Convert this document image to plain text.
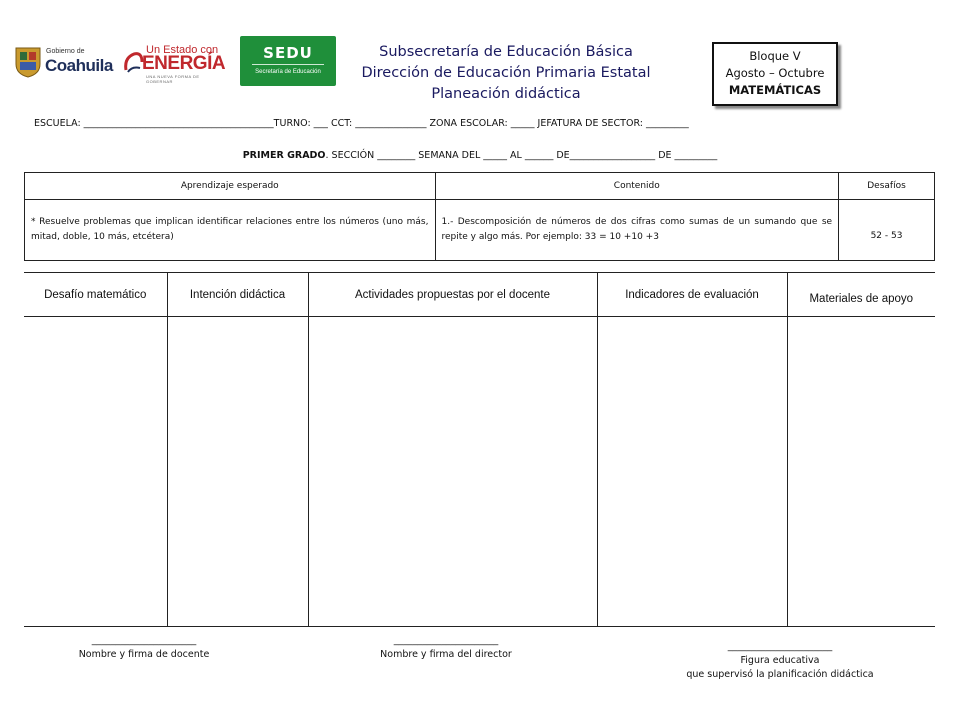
Gobierno de
Coahuila
Un Estado con
ENERGÍA
UNA NUEVA FORMA DE GOBERNAR
SEDU
Secretaría de Educación
Subsecretaría de Educación Básica
Dirección de Educación Primaria Estatal
Planeación didáctica
Bloque V
Agosto – Octubre
MATEMÁTICAS
ESCUELA: ________________________________________TURNO: ___ CCT: _______________ ZONA ESCOLAR: _____ JEFATURA DE SECTOR: _________
PRIMER GRADO. SECCIÓN ________ SEMANA DEL _____ AL ______ DE__________________ DE _________
Aprendizaje esperado	Contenido	Desafíos
* Resuelve problemas que implican identificar relaciones entre los números (uno más, mitad, doble, 10 más, etcétera)	1.- Descomposición de números de dos cifras como sumas de un sumando que se repite y algo más. Por ejemplo: 33 = 10 +10 +3	52 - 53
Desafío matemático	Intención didáctica	Actividades propuestas por el docente	Indicadores de evaluación	Materiales de apoyo

______________________
Nombre y firma de docente
______________________
Nombre y firma del director
______________________
Figura educativa
que supervisó la planificación didáctica
